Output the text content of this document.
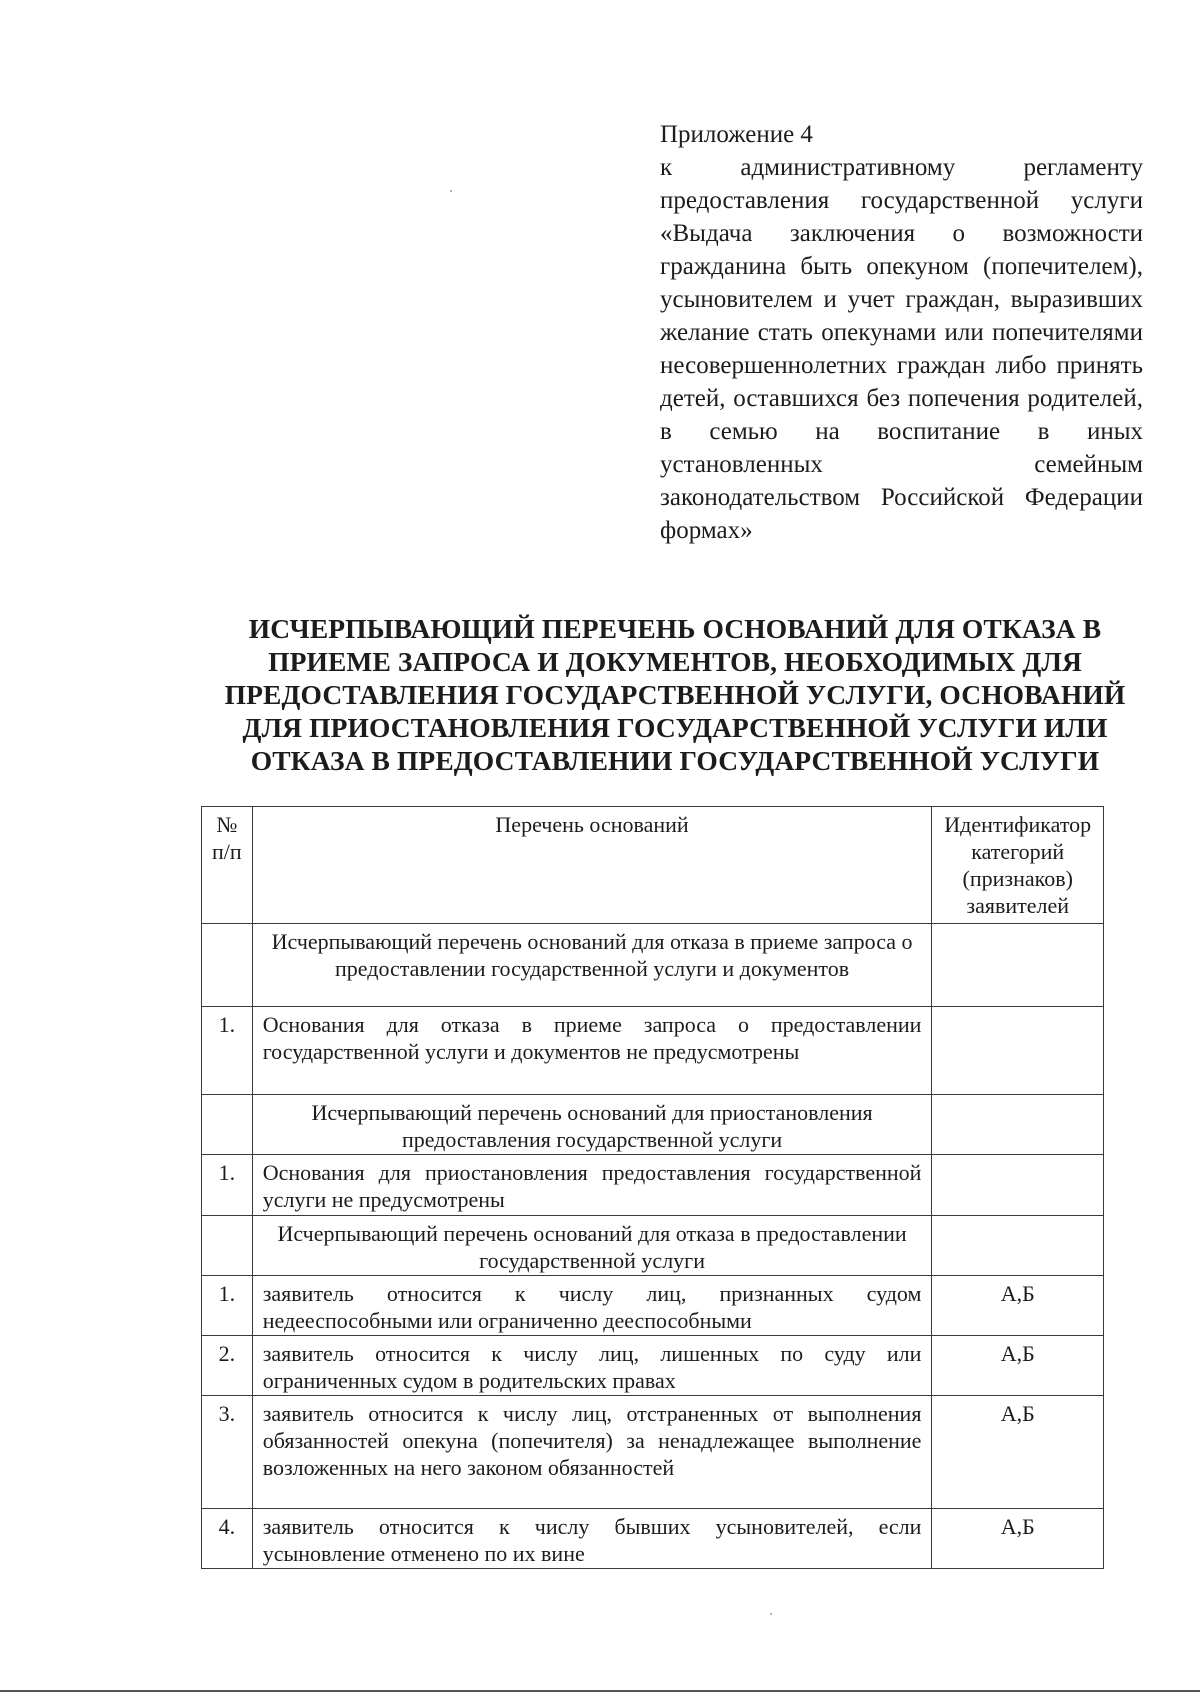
Приложение 4
к административному регламенту предоставления государственной услуги «Выдача заключения о возможности гражданина быть опекуном (попечителем), усыновителем и учет граждан, выразивших желание стать опекунами или попечителями несовершеннолетних граждан либо принять детей, оставшихся без попечения родителей, в семью на воспитание в иных установленных семейным законодательством Российской Федерации формах»
ИСЧЕРПЫВАЮЩИЙ ПЕРЕЧЕНЬ ОСНОВАНИЙ ДЛЯ ОТКАЗА В ПРИЕМЕ ЗАПРОСА И ДОКУМЕНТОВ, НЕОБХОДИМЫХ ДЛЯ ПРЕДОСТАВЛЕНИЯ ГОСУДАРСТВЕННОЙ УСЛУГИ, ОСНОВАНИЙ ДЛЯ ПРИОСТАНОВЛЕНИЯ ГОСУДАРСТВЕННОЙ УСЛУГИ ИЛИ ОТКАЗА В ПРЕДОСТАВЛЕНИИ ГОСУДАРСТВЕННОЙ УСЛУГИ
№ п/п	Перечень оснований	Идентификатор категорий (признаков) заявителей
	Исчерпывающий перечень оснований для отказа в приеме запроса о предоставлении государственной услуги и документов	
1.	Основания для отказа в приеме запроса о предоставлении государственной услуги и документов не предусмотрены	
	Исчерпывающий перечень оснований для приостановления предоставления государственной услуги	
1.	Основания для приостановления предоставления государственной услуги не предусмотрены	
	Исчерпывающий перечень оснований для отказа в предоставлении государственной услуги	
1.	заявитель относится к числу лиц, признанных судом недееспособными или ограниченно дееспособными	А,Б
2.	заявитель относится к числу лиц, лишенных по суду или ограниченных судом в родительских правах	А,Б
3.	заявитель относится к числу лиц, отстраненных от выполнения обязанностей опекуна (попечителя) за ненадлежащее выполнение возложенных на него законом обязанностей	А,Б
4.	заявитель относится к числу бывших усыновителей, если усыновление отменено по их вине	А,Б
